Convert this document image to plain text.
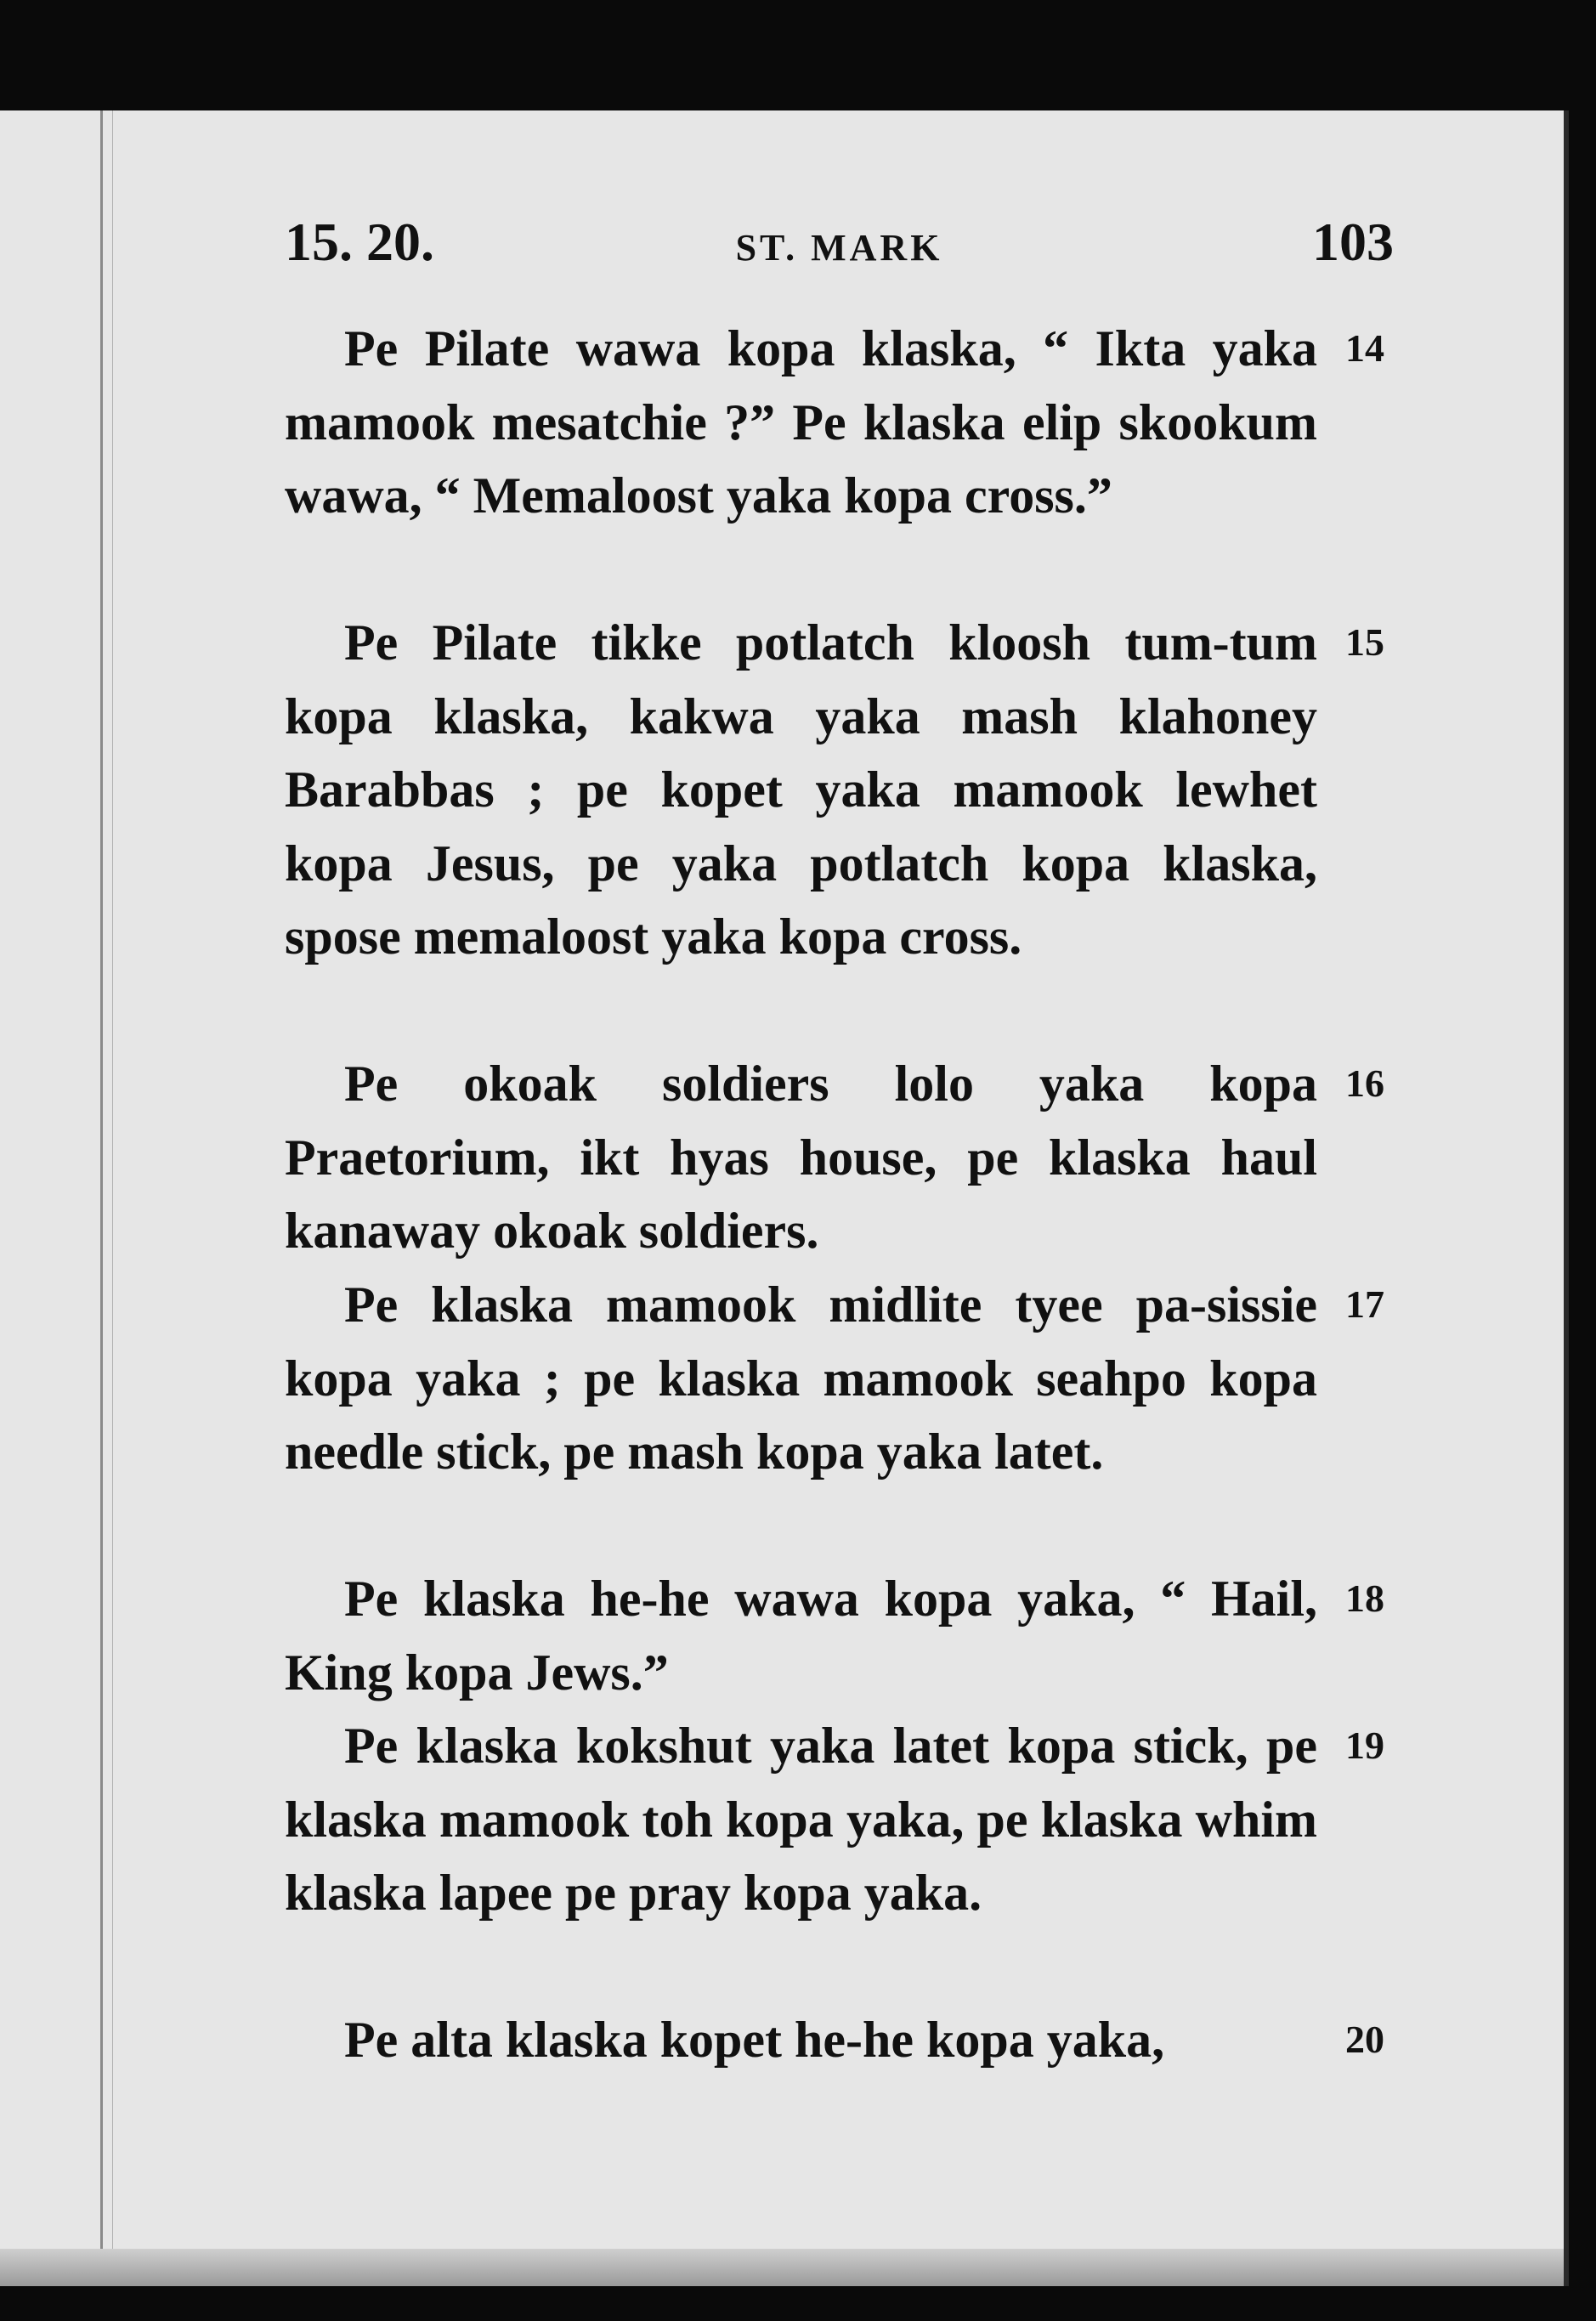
15. 20.	ST. MARK	103
Pe Pilate wawa kopa klaska, “ Ikta yaka mamook mesatchie ?” Pe klaska elip skookum wawa, “ Memaloost yaka kopa cross.”
14
Pe Pilate tikke potlatch kloosh tum-tum kopa klaska, kakwa yaka mash klahoney Barabbas ; pe kopet yaka mamook lewhet kopa Jesus, pe yaka potlatch kopa klaska, spose memaloost yaka kopa cross.
15
Pe okoak soldiers lolo yaka kopa Praetorium, ikt hyas house, pe klaska haul kanaway okoak soldiers.
16
Pe klaska mamook midlite tyee pa-sissie kopa yaka ; pe klaska mamook seahpo kopa needle stick, pe mash kopa yaka latet.
17
Pe klaska he-he wawa kopa yaka, “ Hail, King kopa Jews.”
18
Pe klaska kokshut yaka latet kopa stick, pe klaska mamook toh kopa yaka, pe klaska whim klaska lapee pe pray kopa yaka.
19
Pe alta klaska kopet he-he kopa yaka,	20
